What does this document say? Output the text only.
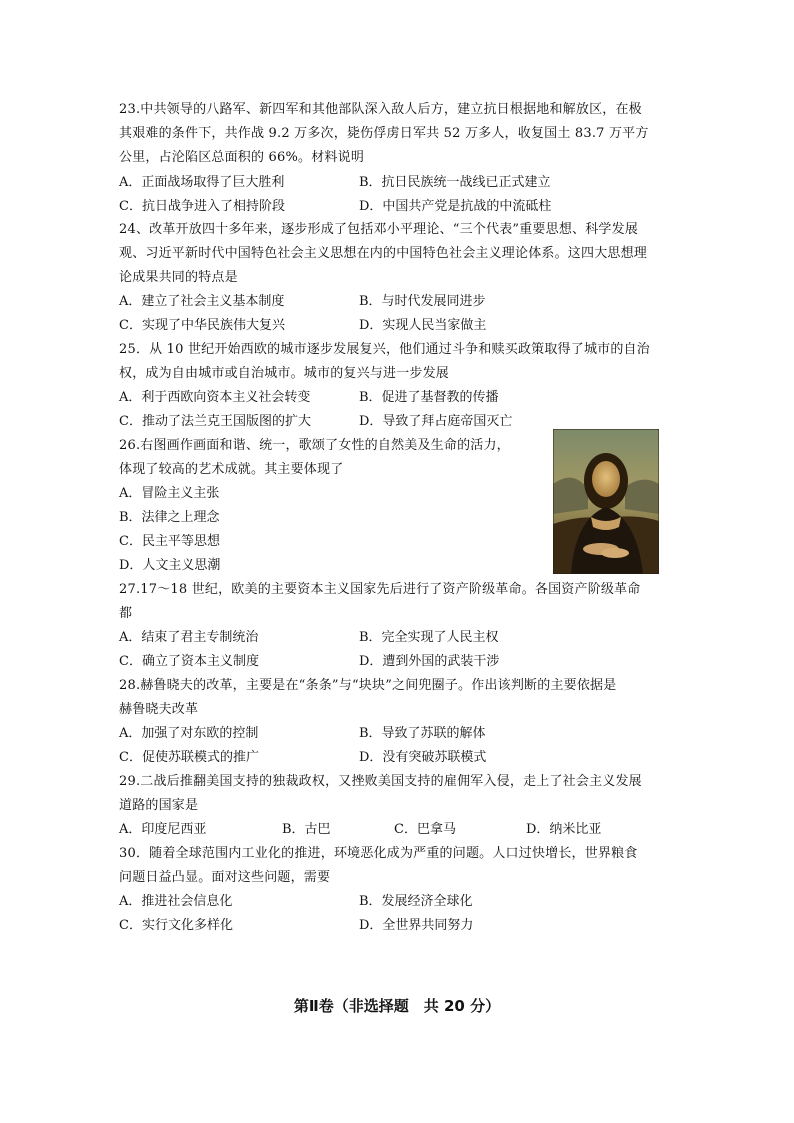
23.中共领导的八路军、新四军和其他部队深入敌人后方，建立抗日根据地和解放区，在极
其艰难的条件下，共作战 9.2 万多次，毙伤俘虏日军共 52 万多人，收复国土 83.7 万平方
公里，占沦陷区总面积的 66%。材料说明
A．正面战场取得了巨大胜利	B．抗日民族统一战线已正式建立
C．抗日战争进入了相持阶段	D．中国共产党是抗战的中流砥柱
24、改革开放四十多年来，逐步形成了包括邓小平理论、“三个代表”重要思想、科学发展
观、习近平新时代中国特色社会主义思想在内的中国特色社会主义理论体系。这四大思想理
论成果共同的特点是
A．建立了社会主义基本制度	B．与时代发展同进步
C．实现了中华民族伟大复兴	D．实现人民当家做主
25．从 10 世纪开始西欧的城市逐步发展复兴，他们通过斗争和赎买政策取得了城市的自治
权，成为自由城市或自治城市。城市的复兴与进一步发展
A．利于西欧向资本主义社会转变	B．促进了基督教的传播
C．推动了法兰克王国版图的扩大	D．导致了拜占庭帝国灭亡
26.右图画作画面和谐、统一，歌颂了女性的自然美及生命的活力，
体现了较高的艺术成就。其主要体现了
A．冒险主义主张
B．法律之上理念
C．民主平等思想
D．人文主义思潮
27.17～18 世纪，欧美的主要资本主义国家先后进行了资产阶级革命。各国资产阶级革命
都
A．结束了君主专制统治	B．完全实现了人民主权
C．确立了资本主义制度	D．遭到外国的武装干涉
28.赫鲁晓夫的改革，主要是在“条条”与“块块”之间兜圈子。作出该判断的主要依据是
赫鲁晓夫改革
A．加强了对东欧的控制	B．导致了苏联的解体
C．促使苏联模式的推广	D．没有突破苏联模式
29.二战后推翻美国支持的独裁政权，又挫败美国支持的雇佣军入侵，走上了社会主义发展
道路的国家是
A．印度尼西亚	B．古巴	C．巴拿马	D．纳米比亚
30．随着全球范围内工业化的推进，环境恶化成为严重的问题。人口过快增长，世界粮食
问题日益凸显。面对这些问题，需要
A．推进社会信息化	B．发展经济全球化
C．实行文化多样化	D．全世界共同努力
第Ⅱ卷（非选择题　共 20 分）
